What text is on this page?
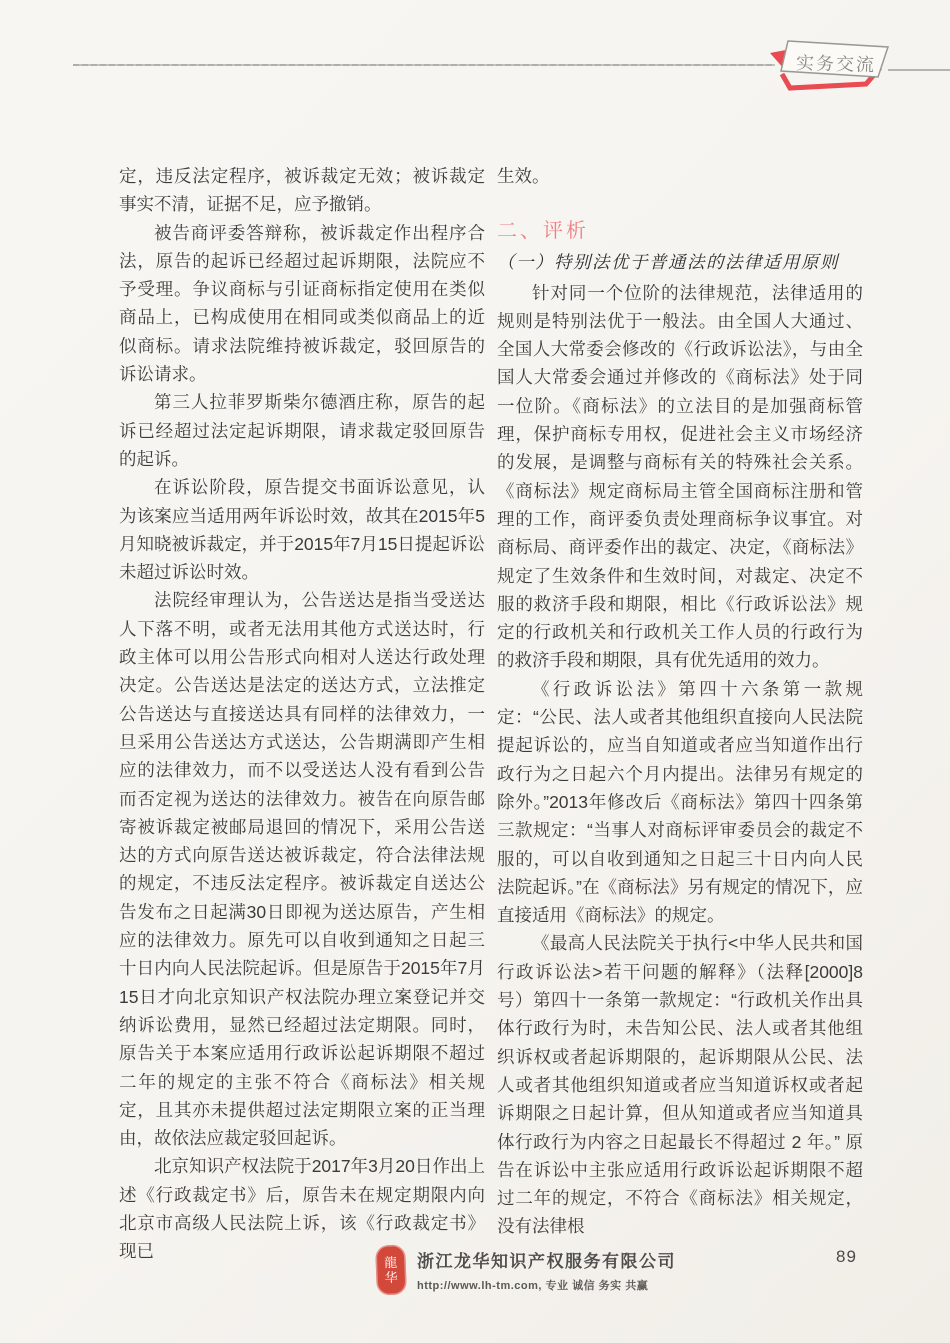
实务交流

定，违反法定程序，被诉裁定无效；被诉裁定事实不清，证据不足，应予撤销。

被告商评委答辩称，被诉裁定作出程序合法，原告的起诉已经超过起诉期限，法院应不予受理。争议商标与引证商标指定使用在类似商品上，已构成使用在相同或类似商品上的近似商标。请求法院维持被诉裁定，驳回原告的诉讼请求。

第三人拉菲罗斯柴尔德酒庄称，原告的起诉已经超过法定起诉期限，请求裁定驳回原告的起诉。

在诉讼阶段，原告提交书面诉讼意见，认为该案应当适用两年诉讼时效，故其在2015年5月知晓被诉裁定，并于2015年7月15日提起诉讼未超过诉讼时效。

法院经审理认为，公告送达是指当受送达人下落不明，或者无法用其他方式送达时，行政主体可以用公告形式向相对人送达行政处理决定。公告送达是法定的送达方式，立法推定公告送达与直接送达具有同样的法律效力，一旦采用公告送达方式送达，公告期满即产生相应的法律效力，而不以受送达人没有看到公告而否定视为送达的法律效力。被告在向原告邮寄被诉裁定被邮局退回的情况下，采用公告送达的方式向原告送达被诉裁定，符合法律法规的规定，不违反法定程序。被诉裁定自送达公告发布之日起满30日即视为送达原告，产生相应的法律效力。原先可以自收到通知之日起三十日内向人民法院起诉。但是原告于2015年7月15日才向北京知识产权法院办理立案登记并交纳诉讼费用，显然已经超过法定期限。同时，原告关于本案应适用行政诉讼起诉期限不超过二年的规定的主张不符合《商标法》相关规定，且其亦未提供超过法定期限立案的正当理由，故依法应裁定驳回起诉。

北京知识产权法院于2017年3月20日作出上述《行政裁定书》后，原告未在规定期限内向北京市高级人民法院上诉，该《行政裁定书》现已

生效。

二、评析
（一）特别法优于普通法的法律适用原则

针对同一个位阶的法律规范，法律适用的规则是特别法优于一般法。由全国人大通过、全国人大常委会修改的《行政诉讼法》，与由全国人大常委会通过并修改的《商标法》处于同一位阶。《商标法》的立法目的是加强商标管理，保护商标专用权，促进社会主义市场经济的发展，是调整与商标有关的特殊社会关系。《商标法》规定商标局主管全国商标注册和管理的工作，商评委负责处理商标争议事宜。对商标局、商评委作出的裁定、决定，《商标法》规定了生效条件和生效时间，对裁定、决定不服的救济手段和期限，相比《行政诉讼法》规定的行政机关和行政机关工作人员的行政行为的救济手段和期限，具有优先适用的效力。

《行政诉讼法》第四十六条第一款规定：“公民、法人或者其他组织直接向人民法院提起诉讼的，应当自知道或者应当知道作出行政行为之日起六个月内提出。法律另有规定的除外。”2013年修改后《商标法》第四十四条第三款规定：“当事人对商标评审委员会的裁定不服的，可以自收到通知之日起三十日内向人民法院起诉。”在《商标法》另有规定的情况下，应直接适用《商标法》的规定。

《最高人民法院关于执行<中华人民共和国行政诉讼法>若干问题的解释》（法释[2000]8号）第四十一条第一款规定：“行政机关作出具体行政行为时，未告知公民、法人或者其他组织诉权或者起诉期限的，起诉期限从公民、法人或者其他组织知道或者应当知道诉权或者起诉期限之日起计算，但从知道或者应当知道具体行政行为内容之日起最长不得超过 2 年。” 原告在诉讼中主张应适用行政诉讼起诉期限不超过二年的规定，不符合《商标法》相关规定，没有法律根

龍
华
浙江龙华知识产权服务有限公司
http://www.lh-tm.com, 专业 诚信 务实 共赢
89
